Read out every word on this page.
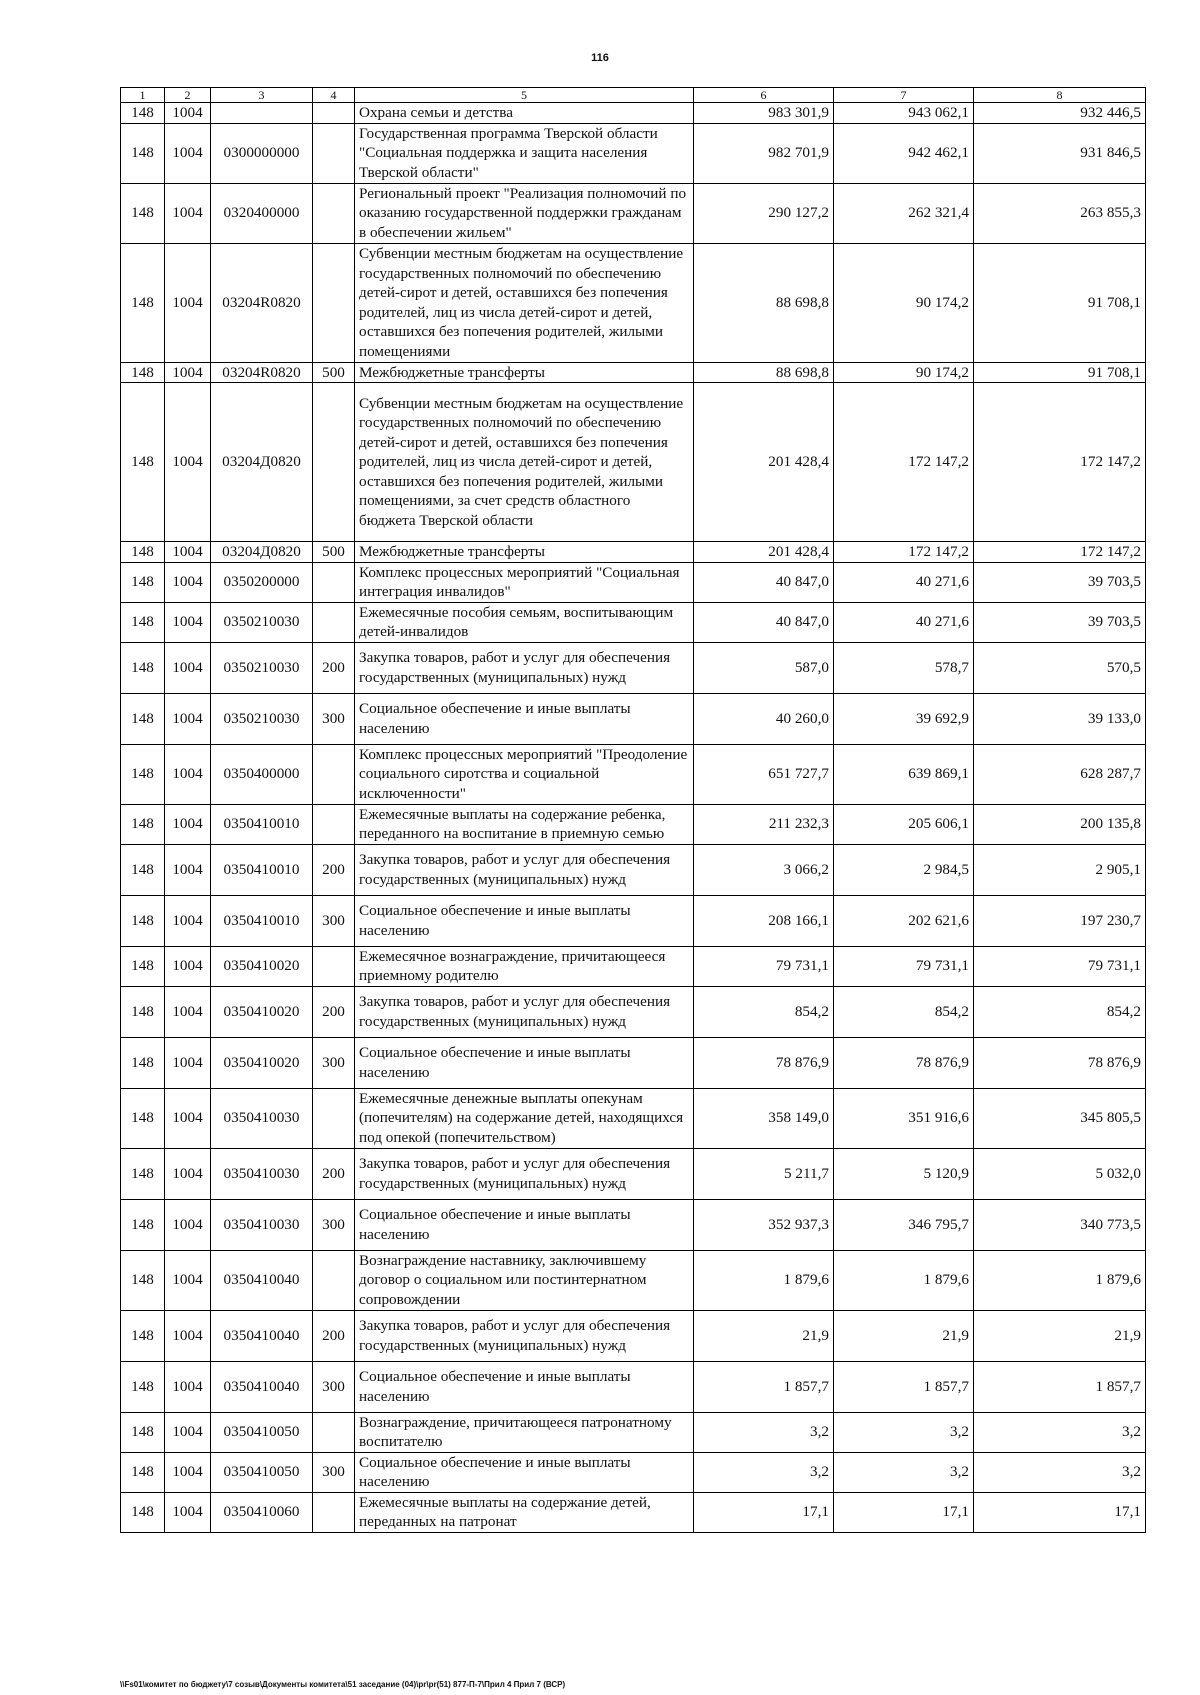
116
1	2	3	4	5	6	7	8
148	1004			Охрана семьи и детства	983 301,9	943 062,1	932 446,5
148	1004	0300000000		Государственная программа Тверской области "Социальная поддержка и защита населения Тверской области"	982 701,9	942 462,1	931 846,5
148	1004	0320400000		Региональный проект "Реализация полномочий по оказанию государственной поддержки гражданам в обеспечении жильем"	290 127,2	262 321,4	263 855,3
148	1004	03204R0820		Субвенции местным бюджетам на осуществление государственных полномочий по обеспечению детей-сирот и детей, оставшихся без попечения родителей, лиц из числа детей-сирот и детей, оставшихся без попечения родителей, жилыми помещениями	88 698,8	90 174,2	91 708,1
148	1004	03204R0820	500	Межбюджетные трансферты	88 698,8	90 174,2	91 708,1
148	1004	03204Д0820		Субвенции местным бюджетам на осуществление государственных полномочий по обеспечению детей-сирот и детей, оставшихся без попечения родителей, лиц из числа детей-сирот и детей, оставшихся без попечения родителей, жилыми помещениями, за счет средств областного бюджета Тверской области	201 428,4	172 147,2	172 147,2
148	1004	03204Д0820	500	Межбюджетные трансферты	201 428,4	172 147,2	172 147,2
148	1004	0350200000		Комплекс процессных мероприятий "Социальная интеграция инвалидов"	40 847,0	40 271,6	39 703,5
148	1004	0350210030		Ежемесячные пособия семьям, воспитывающим детей-инвалидов	40 847,0	40 271,6	39 703,5
148	1004	0350210030	200	Закупка товаров, работ и услуг для обеспечения государственных (муниципальных) нужд	587,0	578,7	570,5
148	1004	0350210030	300	Социальное обеспечение и иные выплаты населению	40 260,0	39 692,9	39 133,0
148	1004	0350400000		Комплекс процессных мероприятий "Преодоление социального сиротства и социальной исключенности"	651 727,7	639 869,1	628 287,7
148	1004	0350410010		Ежемесячные выплаты на содержание ребенка, переданного на воспитание в приемную семью	211 232,3	205 606,1	200 135,8
148	1004	0350410010	200	Закупка товаров, работ и услуг для обеспечения государственных (муниципальных) нужд	3 066,2	2 984,5	2 905,1
148	1004	0350410010	300	Социальное обеспечение и иные выплаты населению	208 166,1	202 621,6	197 230,7
148	1004	0350410020		Ежемесячное вознаграждение, причитающееся приемному родителю	79 731,1	79 731,1	79 731,1
148	1004	0350410020	200	Закупка товаров, работ и услуг для обеспечения государственных (муниципальных) нужд	854,2	854,2	854,2
148	1004	0350410020	300	Социальное обеспечение и иные выплаты населению	78 876,9	78 876,9	78 876,9
148	1004	0350410030		Ежемесячные денежные выплаты опекунам (попечителям) на содержание детей, находящихся под опекой (попечительством)	358 149,0	351 916,6	345 805,5
148	1004	0350410030	200	Закупка товаров, работ и услуг для обеспечения государственных (муниципальных) нужд	5 211,7	5 120,9	5 032,0
148	1004	0350410030	300	Социальное обеспечение и иные выплаты населению	352 937,3	346 795,7	340 773,5
148	1004	0350410040		Вознаграждение наставнику, заключившему договор о социальном или постинтернатном сопровождении	1 879,6	1 879,6	1 879,6
148	1004	0350410040	200	Закупка товаров, работ и услуг для обеспечения государственных (муниципальных) нужд	21,9	21,9	21,9
148	1004	0350410040	300	Социальное обеспечение и иные выплаты населению	1 857,7	1 857,7	1 857,7
148	1004	0350410050		Вознаграждение, причитающееся патронатному воспитателю	3,2	3,2	3,2
148	1004	0350410050	300	Социальное обеспечение и иные выплаты населению	3,2	3,2	3,2
148	1004	0350410060		Ежемесячные выплаты на содержание детей, переданных на патронат	17,1	17,1	17,1
\\Fs01\комитет по бюджету\7 созыв\Документы комитета\51 заседание (04)\pr\pr(51) 877-П-7\Прил 4 Прил 7 (ВСР)
